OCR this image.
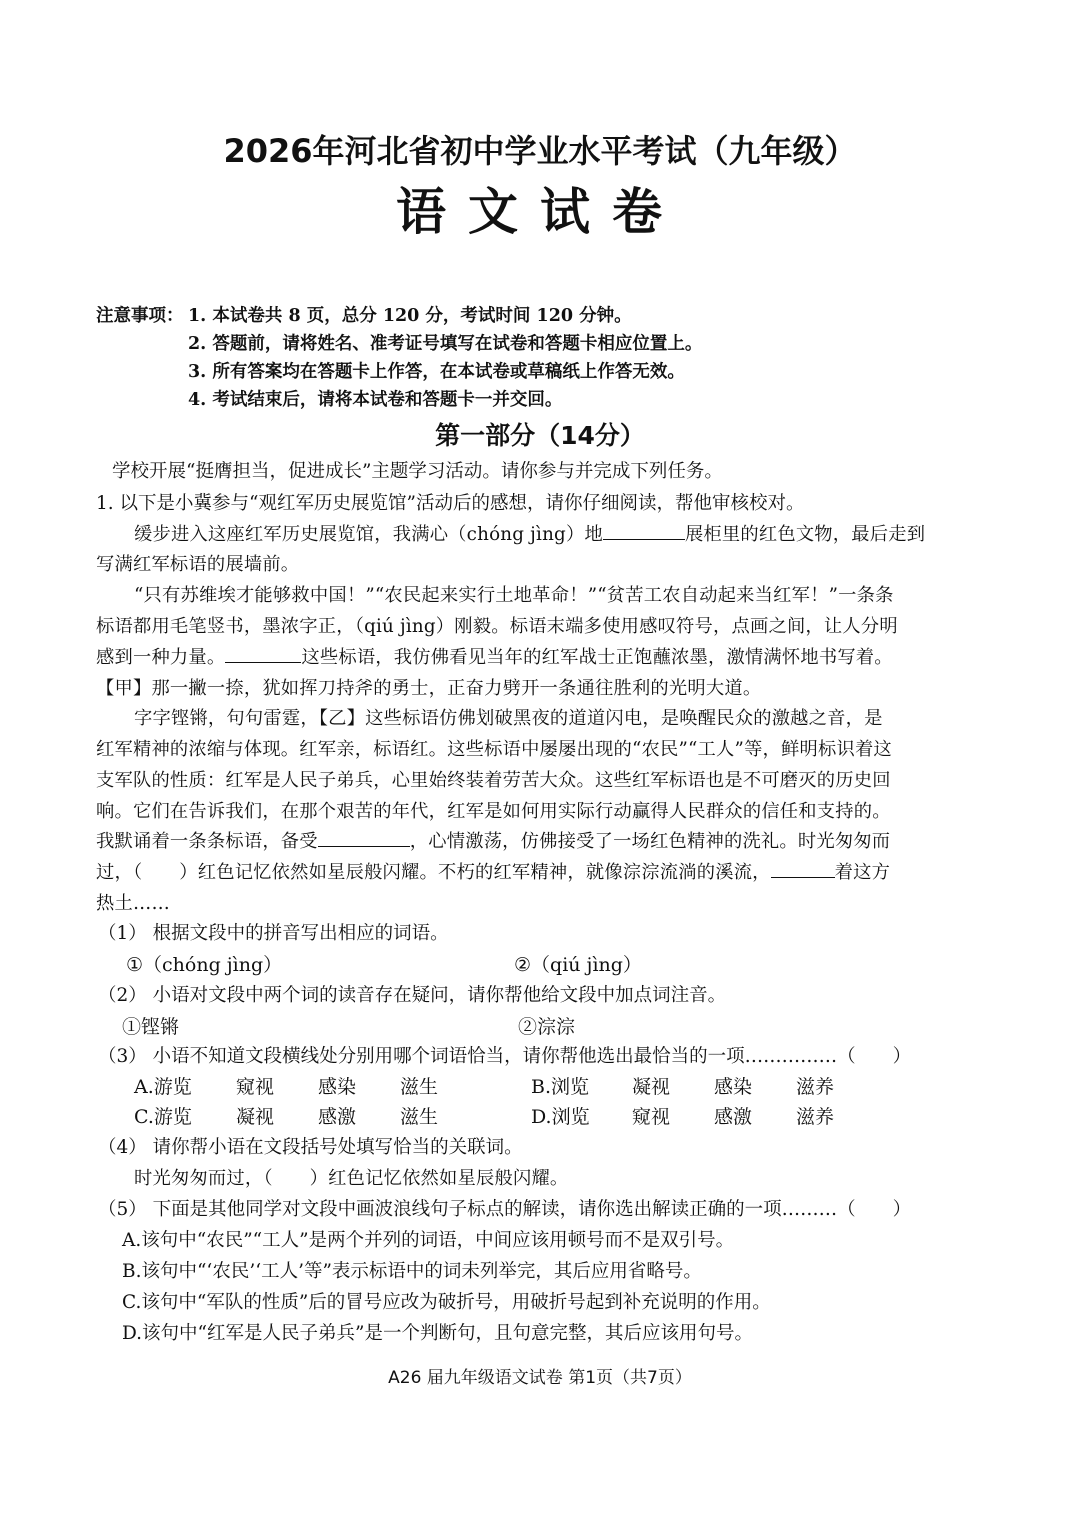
2026年河北省初中学业水平考试（九年级）
语文试卷
注意事项： 1. 本试卷共 8 页，总分 120 分，考试时间 120 分钟。
2. 答题前，请将姓名、准考证号填写在试卷和答题卡相应位置上。
3. 所有答案均在答题卡上作答，在本试卷或草稿纸上作答无效。
4. 考试结束后，请将本试卷和答题卡一并交回。
第一部分（14分）
学校开展“挺膺担当，促进成长”主题学习活动。请你参与并完成下列任务。
1. 以下是小冀参与“观红军历史展览馆”活动后的感想，请你仔细阅读，帮他审核校对。
缓步进入这座红军历史展览馆，我满心（chóng jìng）地	展柜里的红色文物，最后走到
写满红军标语的展墙前。
“只有苏维埃才能够救中国！”“农民起来实行土地革命！”“贫苦工农自动起来当红军！”一条条
标语都用毛笔竖书，墨浓字正，（qiú jìng）刚毅。标语末端多使用感叹符号，点画之间，让人分明
感到一种力量。	这些标语，我仿佛看见当年的红军战士正饱蘸浓墨，激情满怀地书写着。
【甲】那一撇一捺，犹如挥刀持斧的勇士，正奋力劈开一条通往胜利的光明大道。
字字铿锵，句句雷霆，【乙】这些标语仿佛划破黑夜的道道闪电，是唤醒民众的激越之音，是
红军精神的浓缩与体现。红军亲，标语红。这些标语中屡屡出现的“农民”“工人”等，鲜明标识着这
支军队的性质：红军是人民子弟兵，心里始终装着劳苦大众。这些红军标语也是不可磨灭的历史回
响。它们在告诉我们，在那个艰苦的年代，红军是如何用实际行动赢得人民群众的信任和支持的。
我默诵着一条条标语，备受	，心情激荡，仿佛接受了一场红色精神的洗礼。时光匆匆而
过，（　　）红色记忆依然如星辰般闪耀。不朽的红军精神，就像淙淙流淌的溪流，	着这方
热土……
（1） 根据文段中的拼音写出相应的词语。
①（chóng jìng）	②（qiú jìng）
（2） 小语对文段中两个词的读音存在疑问，请你帮他给文段中加点词注音。
①铿锵	②淙淙
（3） 小语不知道文段横线处分别用哪个词语恰当，请你帮他选出最恰当的一项……………（　　）
A.游览 窥视 感染 滋生	B.浏览 凝视 感染 滋养
C.游览 凝视 感激 滋生	D.浏览 窥视 感激 滋养
（4） 请你帮小语在文段括号处填写恰当的关联词。
时光匆匆而过，（　　）红色记忆依然如星辰般闪耀。
（5） 下面是其他同学对文段中画波浪线句子标点的解读，请你选出解读正确的一项………（　　）
A.该句中“农民”“工人”是两个并列的词语，中间应该用顿号而不是双引号。
B.该句中“‘农民’‘工人’等”表示标语中的词未列举完，其后应用省略号。
C.该句中“军队的性质”后的冒号应改为破折号，用破折号起到补充说明的作用。
D.该句中“红军是人民子弟兵”是一个判断句，且句意完整，其后应该用句号。
A26 届九年级语文试卷 第1页（共7页）
